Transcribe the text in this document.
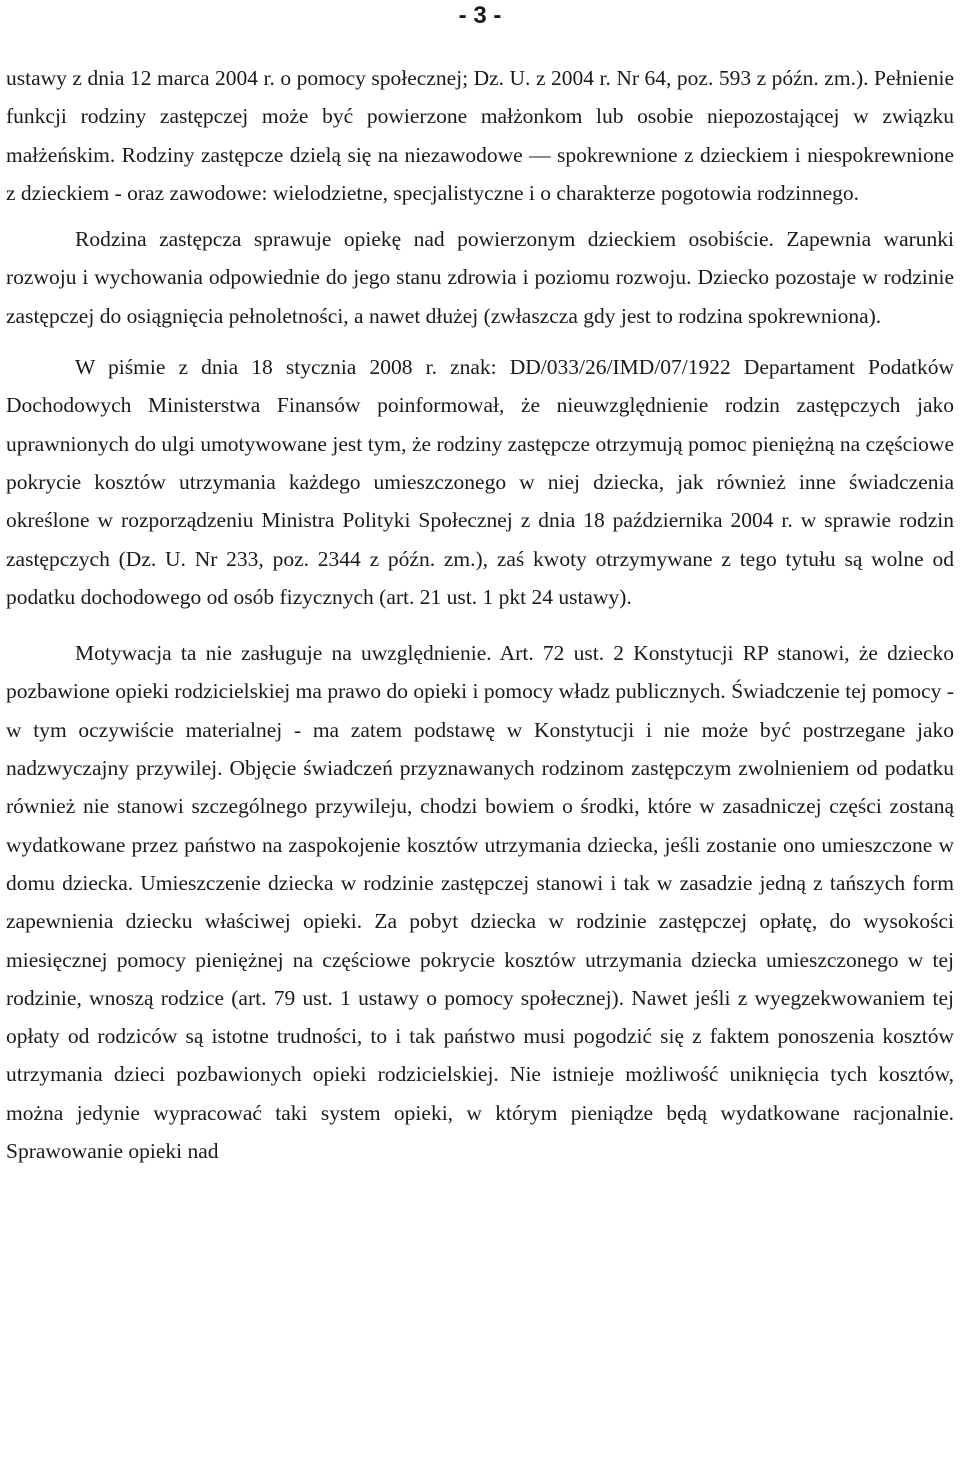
- 3 -

ustawy z dnia 12 marca 2004 r. o pomocy społecznej; Dz. U. z 2004 r. Nr 64, poz. 593 z późn. zm.). Pełnienie funkcji rodziny zastępczej może być powierzone małżonkom lub osobie niepozostającej w związku małżeńskim. Rodziny zastępcze dzielą się na niezawodowe — spokrewnione z dzieckiem i niespokrewnione z dzieckiem - oraz zawodowe: wielodzietne, specjalistyczne i o charakterze pogotowia rodzinnego.

Rodzina zastępcza sprawuje opiekę nad powierzonym dzieckiem osobiście. Zapewnia warunki rozwoju i wychowania odpowiednie do jego stanu zdrowia i poziomu rozwoju. Dziecko pozostaje w rodzinie zastępczej do osiągnięcia pełnoletności, a nawet dłużej (zwłaszcza gdy jest to rodzina spokrewniona).

W piśmie z dnia 18 stycznia 2008 r. znak: DD/033/26/IMD/07/1922 Departament Podatków Dochodowych Ministerstwa Finansów poinformował, że nieuwzględnienie rodzin zastępczych jako uprawnionych do ulgi umotywowane jest tym, że rodziny zastępcze otrzymują pomoc pieniężną na częściowe pokrycie kosztów utrzymania każdego umieszczonego w niej dziecka, jak również inne świadczenia określone w rozporządzeniu Ministra Polityki Społecznej z dnia 18 października 2004 r. w sprawie rodzin zastępczych (Dz. U. Nr 233, poz. 2344 z późn. zm.), zaś kwoty otrzymywane z tego tytułu są wolne od podatku dochodowego od osób fizycznych (art. 21 ust. 1 pkt 24 ustawy).

Motywacja ta nie zasługuje na uwzględnienie. Art. 72 ust. 2 Konstytucji RP stanowi, że dziecko pozbawione opieki rodzicielskiej ma prawo do opieki i pomocy władz publicznych. Świadczenie tej pomocy - w tym oczywiście materialnej - ma zatem podstawę w Konstytucji i nie może być postrzegane jako nadzwyczajny przywilej. Objęcie świadczeń przyznawanych rodzinom zastępczym zwolnieniem od podatku również nie stanowi szczególnego przywileju, chodzi bowiem o środki, które w zasadniczej części zostaną wydatkowane przez państwo na zaspokojenie kosztów utrzymania dziecka, jeśli zostanie ono umieszczone w domu dziecka. Umieszczenie dziecka w rodzinie zastępczej stanowi i tak w zasadzie jedną z tańszych form zapewnienia dziecku właściwej opieki. Za pobyt dziecka w rodzinie zastępczej opłatę, do wysokości miesięcznej pomocy pieniężnej na częściowe pokrycie kosztów utrzymania dziecka umieszczonego w tej rodzinie, wnoszą rodzice (art. 79 ust. 1 ustawy o pomocy społecznej). Nawet jeśli z wyegzekwowaniem tej opłaty od rodziców są istotne trudności, to i tak państwo musi pogodzić się z faktem ponoszenia kosztów utrzymania dzieci pozbawionych opieki rodzicielskiej. Nie istnieje możliwość uniknięcia tych kosztów, można jedynie wypracować taki system opieki, w którym pieniądze będą wydatkowane racjonalnie. Sprawowanie opieki nad
